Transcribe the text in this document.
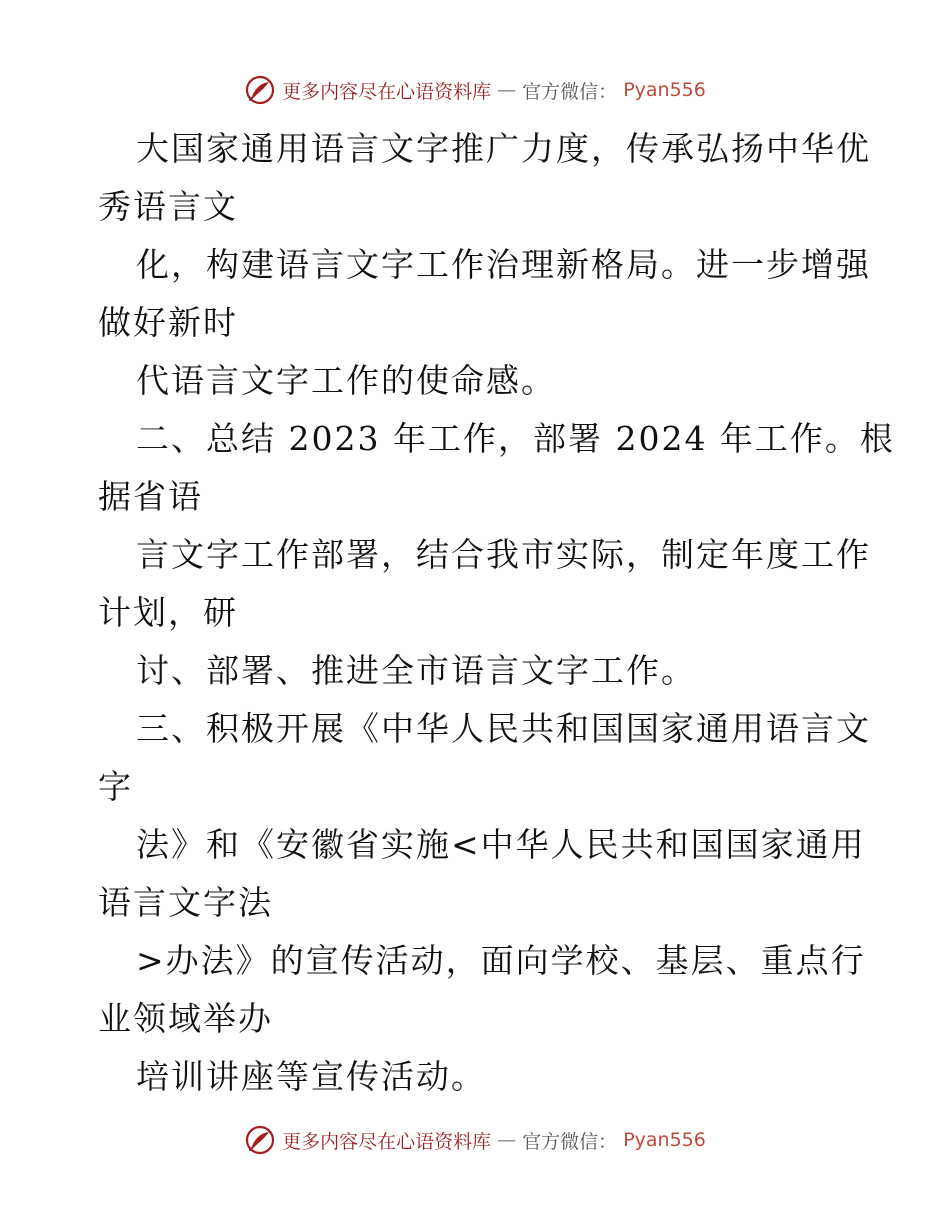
更多内容尽在心语资料库 — 官方微信： Pyan556
大国家通用语言文字推广力度，传承弘扬中华优
秀语言文
化，构建语言文字工作治理新格局。进一步增强
做好新时
代语言文字工作的使命感。
二、总结 2023 年工作，部署 2024 年工作。根
据省语
言文字工作部署，结合我市实际，制定年度工作
计划，研
讨、部署、推进全市语言文字工作。
三、积极开展《中华人民共和国国家通用语言文
字
法》和《安徽省实施<中华人民共和国国家通用
语言文字法
>办法》的宣传活动，面向学校、基层、重点行
业领域举办
培训讲座等宣传活动。
更多内容尽在心语资料库 — 官方微信： Pyan556
